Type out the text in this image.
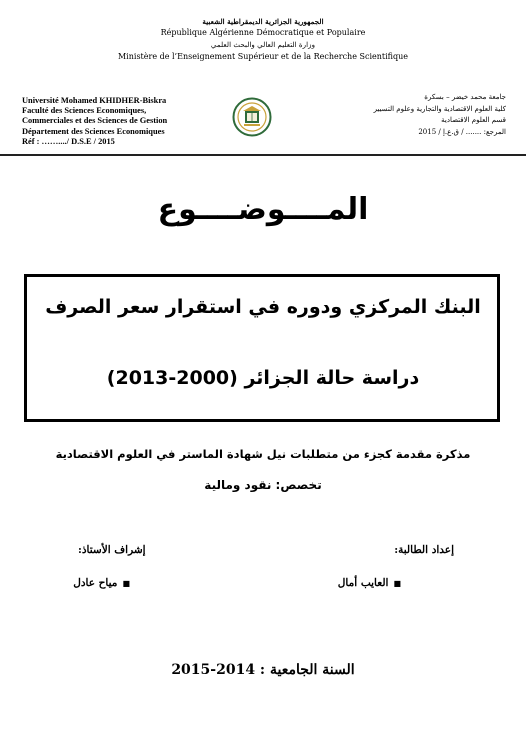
الجمهورية الجزائرية الديمقراطية الشعبية
République Algérienne Démocratique et Populaire
وزارة التعليم العالي والبحث العلمي
Ministère de l’Enseignement Supérieur et de la Recherche Scientifique
Université Mohamed KHIDHER-Biskra
Faculté des Sciences Economiques,
Commerciales et des Sciences de Gestion
Département des Sciences Economiques
Réf : ……..../ D.S.E / 2015
جامعة محمد خيضر – بسكرة
كلية العلوم الاقتصادية والتجارية وعلوم التسيير
قسم العلوم الاقتصادية
المرجع: ....... / ق.ع.إ / 2015
المــــوضــــوع
البنك المركزي ودوره في استقرار سعر الصرف
دراسة حالة الجزائر (2000-2013)
مذكرة مقدمة كجزء من متطلبات نيل شهادة الماستر في العلوم الاقتصادية
تخصص: نقود ومالية
إعداد الطالبة:
إشراف الأستاذ:
■العايب أمال
■مياح عادل
السنة الجامعية : 2014-2015
